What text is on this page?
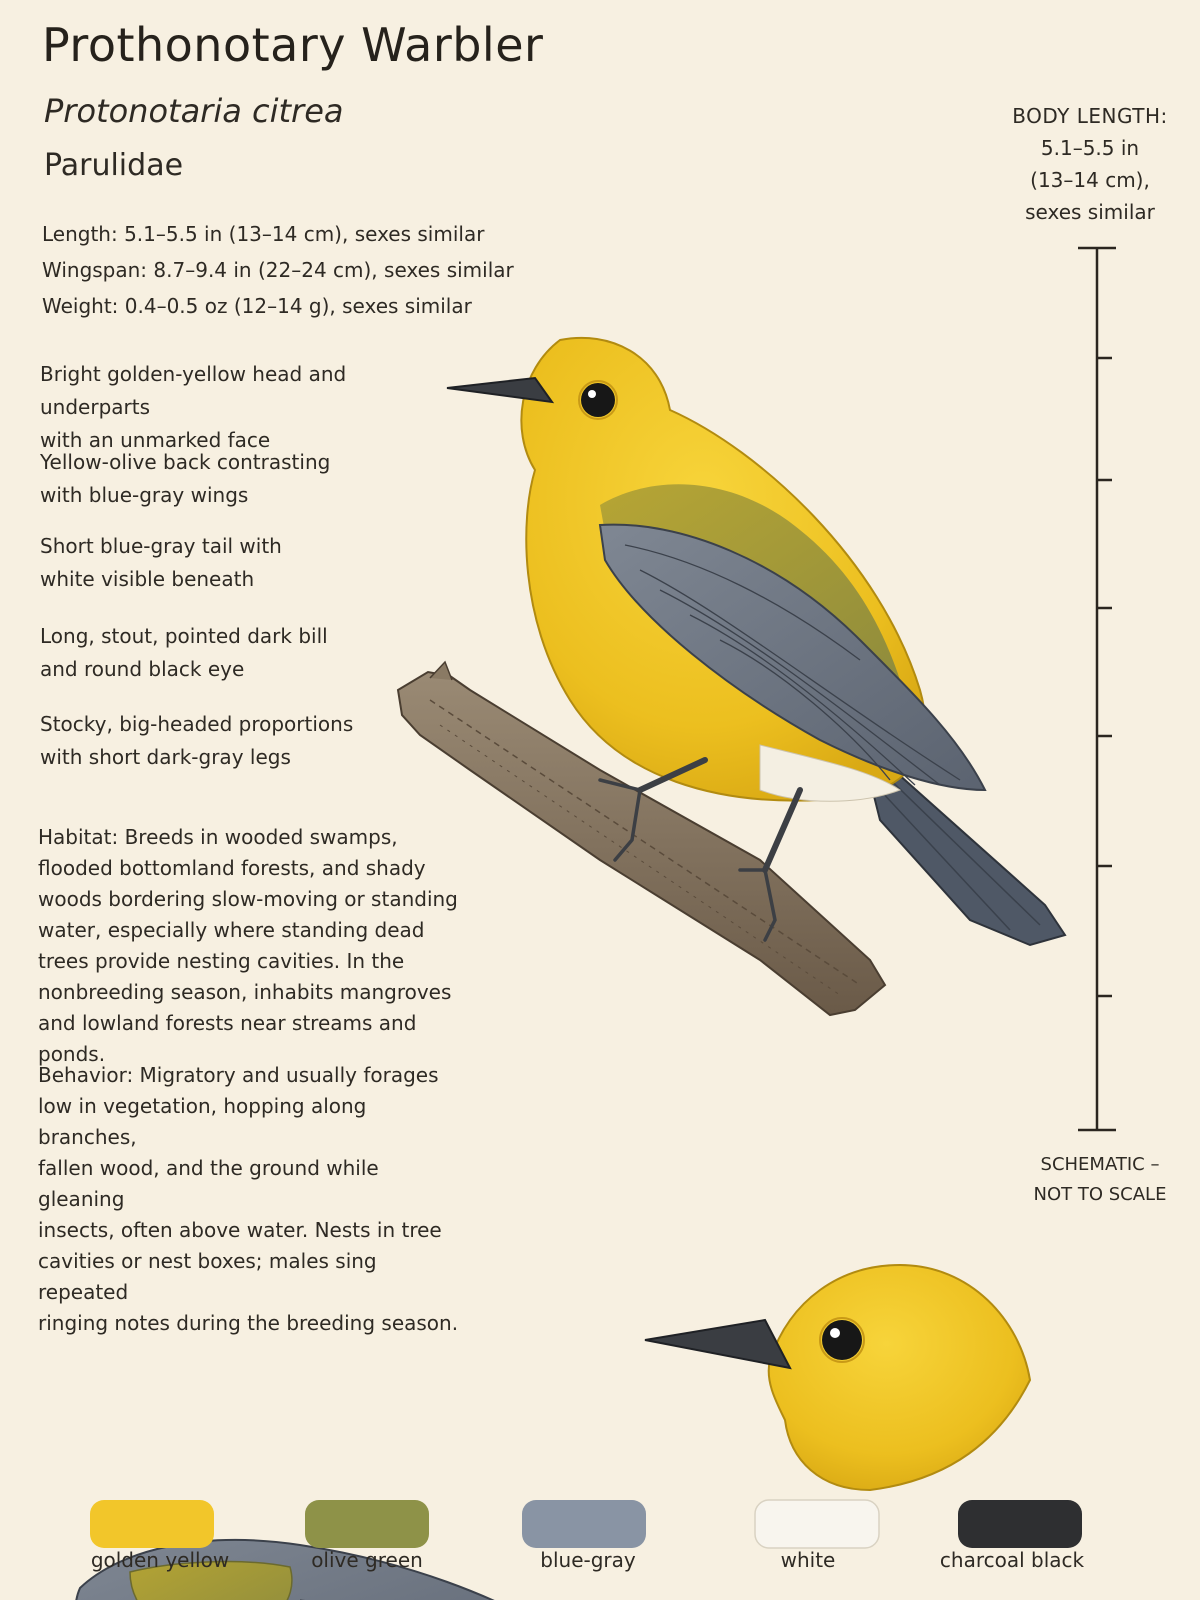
Prothonotary Warbler
Protonotaria citrea
Parulidae
Length: 5.1–5.5 in (13–14 cm), sexes similar
Wingspan: 8.7–9.4 in (22–24 cm), sexes similar
Weight: 0.4–0.5 oz (12–14 g), sexes similar
Bright golden-yellow head and underparts
with an unmarked face
Yellow-olive back contrasting
with blue-gray wings
Short blue-gray tail with
white visible beneath
Long, stout, pointed dark bill
and round black eye
Stocky, big-headed proportions
with short dark-gray legs
Habitat: Breeds in wooded swamps,
flooded bottomland forests, and shady
woods bordering slow-moving or standing
water, especially where standing dead
trees provide nesting cavities. In the
nonbreeding season, inhabits mangroves
and lowland forests near streams and ponds.
Behavior: Migratory and usually forages
low in vegetation, hopping along branches,
fallen wood, and the ground while gleaning
insects, often above water. Nests in tree
cavities or nest boxes; males sing repeated
ringing notes during the breeding season.
BODY LENGTH:
5.1–5.5 in
(13–14 cm),
sexes similar
SCHEMATIC –
NOT TO SCALE
golden yellow	olive green	blue-gray	white	charcoal black
